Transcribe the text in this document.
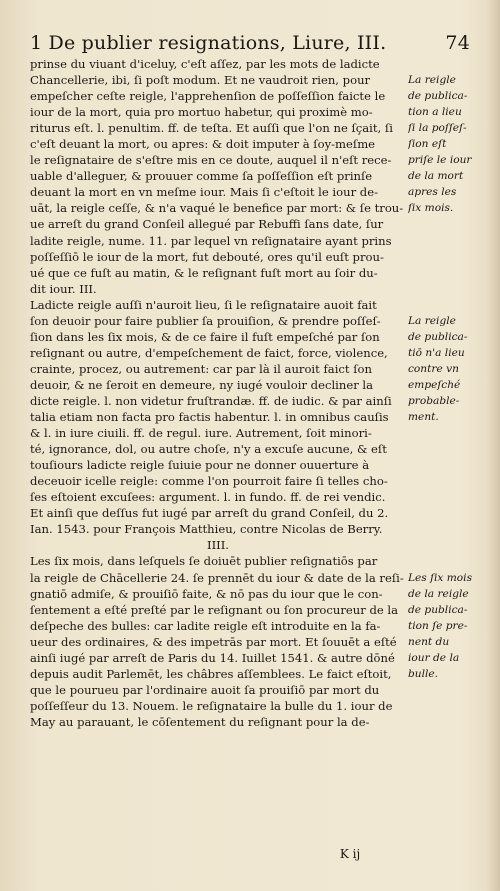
1 De publier resignations, Liure, III.	74
prinse du viuant d'iceluy, c'eſt aſſez, par les mots de ladicte
Chancellerie, ibi, ſi poſt modum. Et ne vaudroit rien, pour
empeſcher ceſte reigle, l'apprehenſion de poſſeſſion faicte le
iour de la mort, quia pro mortuo habetur, qui proximè mo-
riturus eſt. l. penultim. ff. de teſta. Et auſſi que l'on ne ſçait, ſi
c'eſt deuant la mort, ou apres: & doit imputer à ſoy-meſme
le reſignataire de s'eſtre mis en ce doute, auquel il n'eſt rece-
uable d'alleguer, & prouuer comme ſa poſſeſſion eſt prinſe
deuant la mort en vn meſme iour. Mais ſi c'eſtoit le iour de-
uāt, la reigle ceſſe, & n'a vaqué le benefice par mort: & ſe trou-
ue arreſt du grand Conſeil allegué par Rebuffi ſans date, ſur
ladite reigle, nume. 11. par lequel vn reſignataire ayant prins
poſſeſſiō le iour de la mort, fut debouté, ores qu'il euſt prou-
ué que ce fuſt au matin, & le reſignant fuſt mort au ſoir du-
dit iour. III.
Ladicte reigle auſſi n'auroit lieu, ſi le reſignataire auoit fait
ſon deuoir pour faire publier ſa prouiſion, & prendre poſſeſ-
ſion dans les ſix mois, & de ce faire il fuſt empeſché par ſon
reſignant ou autre, d'empeſchement de faict, force, violence,
crainte, procez, ou autrement: car par là il auroit faict ſon
deuoir, & ne ſeroit en demeure, ny iugé vouloir decliner la
dicte reigle. l. non videtur fruſtrandæ. ff. de iudic. & par ainſi
talia etiam non facta pro factis habentur. l. in omnibus cauſis
& l. in iure ciuili. ff. de regul. iure. Autrement, ſoit minori-
té, ignorance, dol, ou autre choſe, n'y a excuſe aucune, & eſt
touſiours ladicte reigle ſuiuie pour ne donner ouuerture à
deceuoir icelle reigle: comme l'on pourroit faire ſi telles cho-
ſes eſtoient excuſees: argument. l. in fundo. ff. de rei vendic.
Et ainſi que deſſus fut iugé par arreſt du grand Conſeil, du 2.
Ian. 1543. pour François Matthieu, contre Nicolas de Berry.
IIII.
Les ſix mois, dans leſquels ſe doiuēt publier reſignatiōs par
la reigle de Chācellerie 24. ſe prennēt du iour & date de la reſi-
gnatiō admiſe, & prouiſiō faite, & nō pas du iour que le con-
ſentement a eſté preſté par le reſignant ou ſon procureur de la
deſpeche des bulles: car ladite reigle eſt introduite en la fa-
ueur des ordinaires, & des impetrās par mort. Et ſouuēt a eſté
ainſi iugé par arreſt de Paris du 14. Iuillet 1541. & autre dōné
depuis audit Parlemēt, les châbres aſſemblees. Le faict eſtoit,
que le pourueu par l'ordinaire auoit ſa prouiſiō par mort du
poſſeſſeur du 13. Nouem. le reſignataire la bulle du 1. iour de
May au parauant, le cōſentement du reſignant pour la de-
La reigle
de publica-
tion a lieu
ſi la poſſeſ-
ſion eſt
priſe le iour
de la mort
apres les
ſix mois.
La reigle
de publica-
tiō n'a lieu
contre vn
empeſché
probable-
ment.
Les ſix mois
de la reigle
de publica-
tion ſe pre-
nent du
iour de la
bulle.
K ij
